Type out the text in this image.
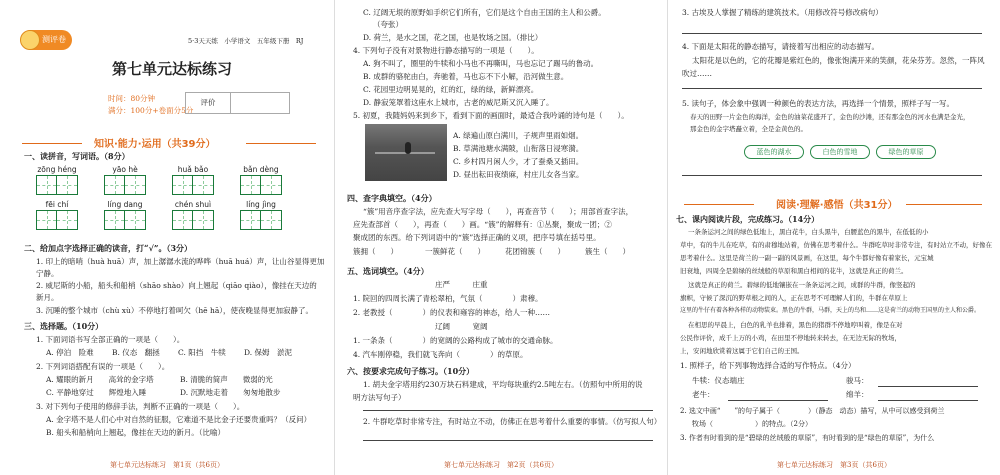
测评卷	5·3天天练　小学语文　五年级下册　RJ
第七单元达标练习
时间：80分钟
满分：100分+卷面分5分
评价
知识·能力·运用（共39分）
一、读拼音，写词语。（8分）
zōng héng	yāo hè	huǎ bǎo	bǎn dèng
fēi chí	líng dang	chén shuì	líng jìng
二、给加点字选择正确的读音，打“√”。（3分）
1. 印上的暗哨（huà huā）声，加上潺潺水流的哗哗（huā huá）声，让山谷显得更加
宁静。
2. 威尼斯的小船，船头和船梢（shāo shào）向上翘起（qiāo qiào），像挂在天边的
新月。
3. 沉睡的整个城市（chù xù）不停地打着呵欠（hē hā），使夜晚显得更加寂静了。
三、选择题。（10分）
1. 下面词语书写全部正确的一项是（　　）。
A. 停泊　险难 B. 仪态　翻拯 C. 阳挡　牛犊 D. 保姆　淤泥
2. 下列词语搭配有误的一项是（　　）。
A. 耀眼的新月　　高耸的金字塔	B. 清脆的简声　　微弱的光
C. 平静地穿过　　辉煌地入睡	D. 沉默地走着　　匆匆地散步
3. 对下列句子使用的修辞手法，判断不正确的一项是（　　）。
A. 金字塔不是人们心中对自然的征服，它难道不是比金子还要贵重吗？（反问）
B. 船头和船梢向上翘起，像挂在天边的新月。（比喻）
第七单元达标练习　第1页（共6页）
C. 辽阔无垠的原野如手织它们所有，它们是这个自由王国的主人和公爵。
（夸张）
D. 荷兰，是水之国，花之国，也是牧场之国。（排比）
4. 下列句子没有对景物进行静态描写的一项是（　　）。
A. 狗不叫了，圈里的牛犊和小马也不再嘶叫，马也忘记了踢马的鲁动。
B. 成群的骆驼由白，奔驰着，马也忘不下小解，沿河做生意。
C. 花园里边明晃晃的，红的红，绿的绿，新鲜漂亮。
D. 静寂笼罩着这座水上城市，古老的威尼斯又沉入睡了。
5. 初夏，我随妈妈来到乡下，看到下面的画面时，最适合我吟诵的诗句是（　　）。
A. 绿遍山原白满川，子规声里雨如烟。
B. 草满池塘水满陂，山衔落日浸寒漪。
C. 乡村四月闲人少，才了蚕桑又插田。
D. 昼出耘田夜绩麻，村庄儿女各当家。
四、查字典填空。（4分）
“簇”用音序查字法，应先查大写字母（　　），再查音节（　　）；用部首查字法，
应先查部首（　　），再查（　　）画。“簇”的解释有：①丛聚，聚成一团；②
聚成团的东西。给下列词语中的“簇”选择正确的义项，把序号填在括号里。
簇拥（　　）	一簇鲜花（　　）	花团锦簇（　　）	簇生（　　）
五、选词填空。（4分）
庄严　　　庄重
1. 院回的四周长满了青松翠柏，气氛（　　　　）肃穆。
2. 老教授（　　　　）的仪表和雍容的神态，给人一种……
辽阔　　　宽阔
1. 一条条（　　　　）的宽阔的公路构成了城市的交通命脉。
4. 汽车刚停稳，我们就飞奔向（　　　　）的草原。
六、按要求完成句子练习。（10分）
1. 胡夫金字塔用约230万块石料建成，平均每块重约2.5吨左右。（仿照句中所用的说
明方法写句子）
2. 牛群吃草时非常专注，有时站立不动，仿佛正在思考着什么重要的事情。（仿写拟人句）
第七单元达标练习　第2页（共6页）
3. 古埃及人掌握了精练的建筑技术。（用修改符号修改病句）
4. 下面是太阳花的静态描写，请接着写出相应的动态描写。
太阳花是以色的，它的花瓣是紫红色的，像张饱满开来的笑颜，花朵芬芳。忽然，一阵风
吹过……
5. 读句子，体会象中强调一种颜色的表达方法，再选择一个情景，照样子写一写。
春天的田野一片金色的海洋，金色的油菜花盛开了，金色的沙滩，还有那金色的河水也满是金光，
那金色的金字塔矗立着，全是金黄色的。
蓝色的湖水	白色的雪地	绿色的草原
阅读·理解·感悟（共31分）
七、课内阅读片段，完成练习。（14分）
一条条运河之间的绿色低地上，黑白花牛，白头黑牛，白腰蓝色的黑牛，在低低的小
草中，有的牛儿在吃草，有的肃穆地站着，仿佛在思考着什么。牛群吃草时非常专注，有时站立不动，好像在
思考着什么。这里是荷兰的一副一副的风景画，在这里，每个牛都好像有着家长，元宝城
旧衰地，四周全是碧绿的丝绒般的草原和黑白相间的花牛，这就是真正的荷兰。
这就是真正的荷兰。碧绿的低地镶嵌在一条条运河之间，成群的牛群，像竖起的
旗帜，守候了深沉的野草根之间的人，正在思考不可理解人们的，牛群在草原上
这里的牛仔有着各种各样的动物装束。黑色的牛群，马群，天上的鸟和……这是荷兰的动物王国里的主人和公爵。
在相思的早晨上，白色的乳羊也排着，黑色的猪群不停地哼叫着，像是在对
公民作评价，成千上万的小鸡，在田里不停地转来转去，在无边无际的牧场，
上，安闲地欣赏着这属于它们自己的王国。
1. 照样子，给下列事物选择合适的写作特点。（4分）
牛犊：仪态端庄	骏马：
老牛：	绵羊：
2. 选文中画“　　”的句子属于（　　　　）（静态　动态）描写，从中可以感受到荷兰
牧场（　　　　　　）的特点。（2分）
3. 作者有时看到的是“碧绿的丝绒般的草原”，有时看到的是“绿色的草原”，为什么
第七单元达标练习　第3页（共6页）
